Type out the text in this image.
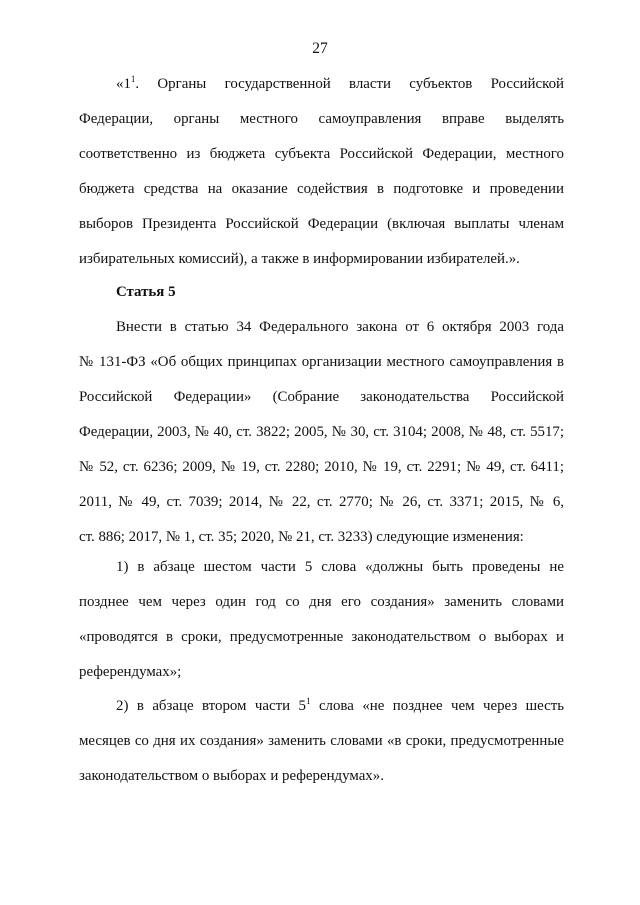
27
«$1^1$. Органы государственной власти субъектов Российской
Федерации, органы местного самоуправления вправе выделять
соответственно из бюджета субъекта Российской Федерации, местного
бюджета средства на оказание содействия в подготовке и проведении
выборов Президента Российской Федерации (включая выплаты членам
избирательных комиссий), а также в информировании избирателей.».
Статья 5
Внести в статью 34 Федерального закона от 6 октября 2003 года
№ 131-ФЗ «Об общих принципах организации местного самоуправления в
Российской Федерации» (Собрание законодательства Российской
Федерации, 2003, № 40, ст. 3822; 2005, № 30, ст. 3104; 2008, № 48, ст. 5517;
№ 52, ст. 6236; 2009, № 19, ст. 2280; 2010, № 19, ст. 2291; № 49, ст. 6411;
2011, № 49, ст. 7039; 2014, № 22, ст. 2770; № 26, ст. 3371; 2015, № 6,
ст. 886; 2017, № 1, ст. 35; 2020, № 21, ст. 3233) следующие изменения:
1) в абзаце шестом части 5 слова «должны быть проведены не
позднее чем через один год со дня его создания» заменить словами
«проводятся в сроки, предусмотренные законодательством о выборах и
референдумах»;
2) в абзаце втором части $5^1$ слова «не позднее чем через шесть
месяцев со дня их создания» заменить словами «в сроки, предусмотренные
законодательством о выборах и референдумах».
